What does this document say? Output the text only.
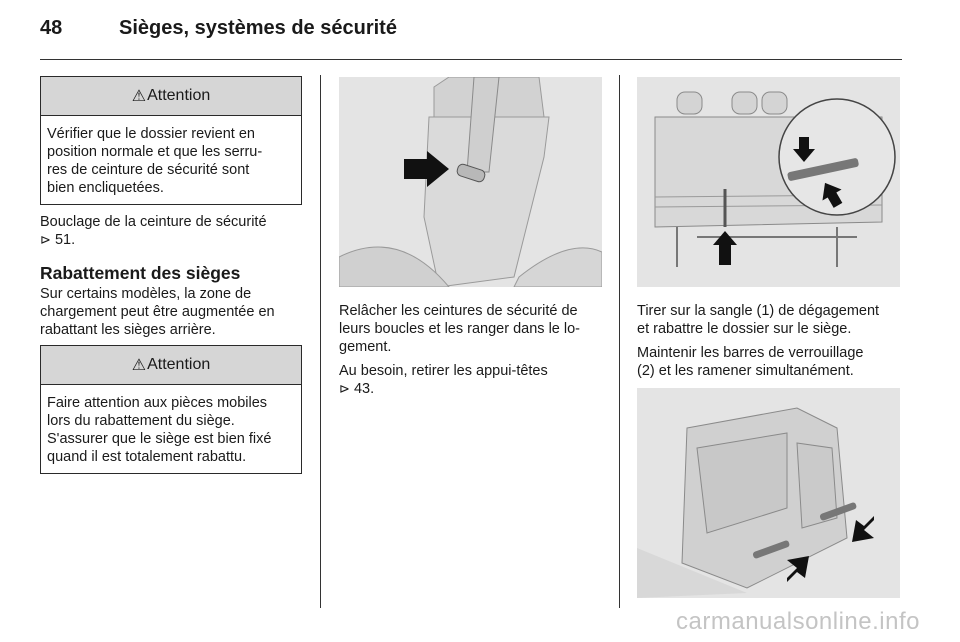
48	Sièges, systèmes de sécurité
⚠ Attention
Vérifier que le dossier revient en
position normale et que les serru-
res de ceinture de sécurité sont
bien encliquetées.
Bouclage de la ceinture de sécurité
⊳ 51.
Rabattement des sièges
Sur certains modèles, la zone de
chargement peut être augmentée en
rabattant les sièges arrière.
⚠ Attention
Faire attention aux pièces mobiles
lors du rabattement du siège.
S'assurer que le siège est bien fixé
quand il est totalement rabattu.
Relâcher les ceintures de sécurité de
leurs boucles et les ranger dans le lo-
gement.
Au besoin, retirer les appui-têtes
⊳ 43.
Tirer sur la sangle (1) de dégagement
et rabattre le dossier sur le siège.
Maintenir les barres de verrouillage
(2) et les ramener simultanément.
carmanualsonline.info
